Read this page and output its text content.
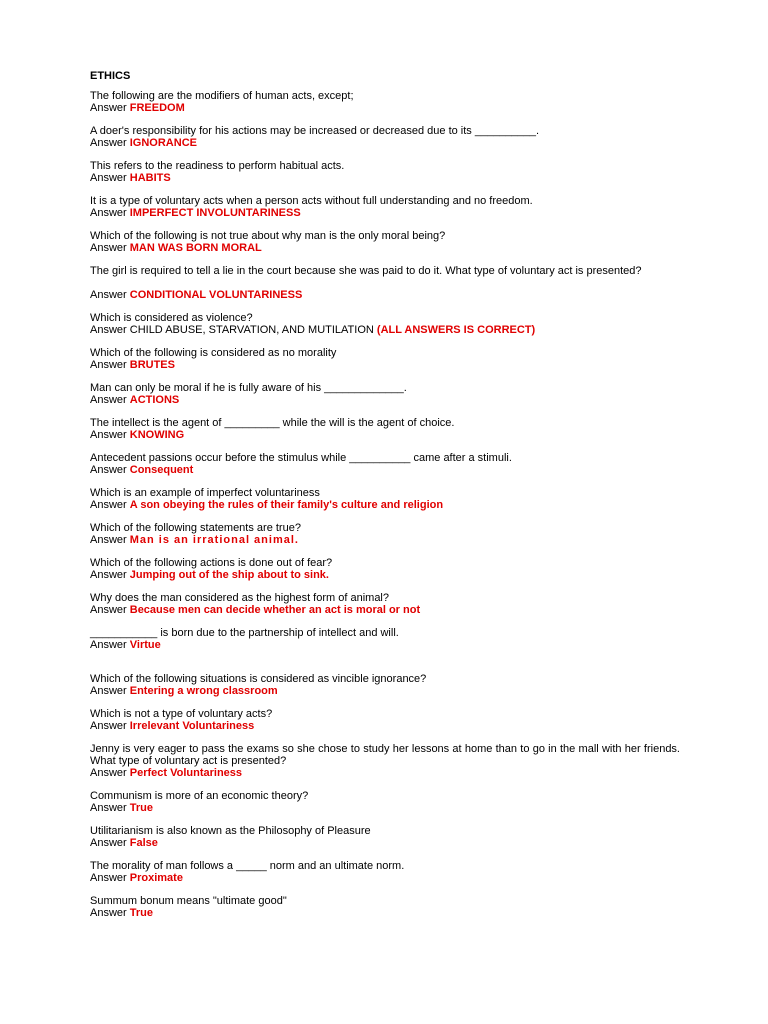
ETHICS
The following are the modifiers of human acts, except;
Answer FREEDOM
A doer's responsibility for his actions may be increased or decreased due to its __________.
Answer IGNORANCE
This refers to the readiness to perform habitual acts.
Answer HABITS
It is a type of voluntary acts when a person acts without full understanding and no freedom.
Answer IMPERFECT INVOLUNTARINESS
Which of the following is not true about why man is the only moral being?
Answer MAN WAS BORN MORAL
The girl is required to tell a lie in the court because she was paid to do it. What type of voluntary act is presented?
Answer CONDITIONAL VOLUNTARINESS
Which is considered as violence?
Answer CHILD ABUSE, STARVATION, AND MUTILATION (ALL ANSWERS IS CORRECT)
Which of the following is considered as no morality
Answer BRUTES
Man can only be moral if he is fully aware of his _____________.
Answer ACTIONS
The intellect is the agent of _________ while the will is the agent of choice.
Answer KNOWING
Antecedent passions occur before the stimulus while __________ came after a stimuli.
Answer Consequent
Which is an example of imperfect voluntariness
Answer A son obeying the rules of their family's culture and religion
Which of the following statements are true?
Answer Man is an irrational animal.
Which of the following actions is done out of fear?
Answer Jumping out of the ship about to sink.
Why does the man considered as the highest form of animal?
Answer Because men can decide whether an act is moral or not
___________ is born due to the partnership of intellect and will.
Answer Virtue
Which of the following situations is considered as vincible ignorance?
Answer Entering a wrong classroom
Which is not a type of voluntary acts?
Answer Irrelevant Voluntariness
Jenny is very eager to pass the exams so she chose to study her lessons at home than to go in the mall with her friends. What type of voluntary act is presented?
Answer Perfect Voluntariness
Communism is more of an economic theory?
Answer True
Utilitarianism is also known as the Philosophy of Pleasure
Answer False
The morality of man follows a _____ norm and an ultimate norm.
Answer Proximate
Summum bonum means "ultimate good"
Answer True
